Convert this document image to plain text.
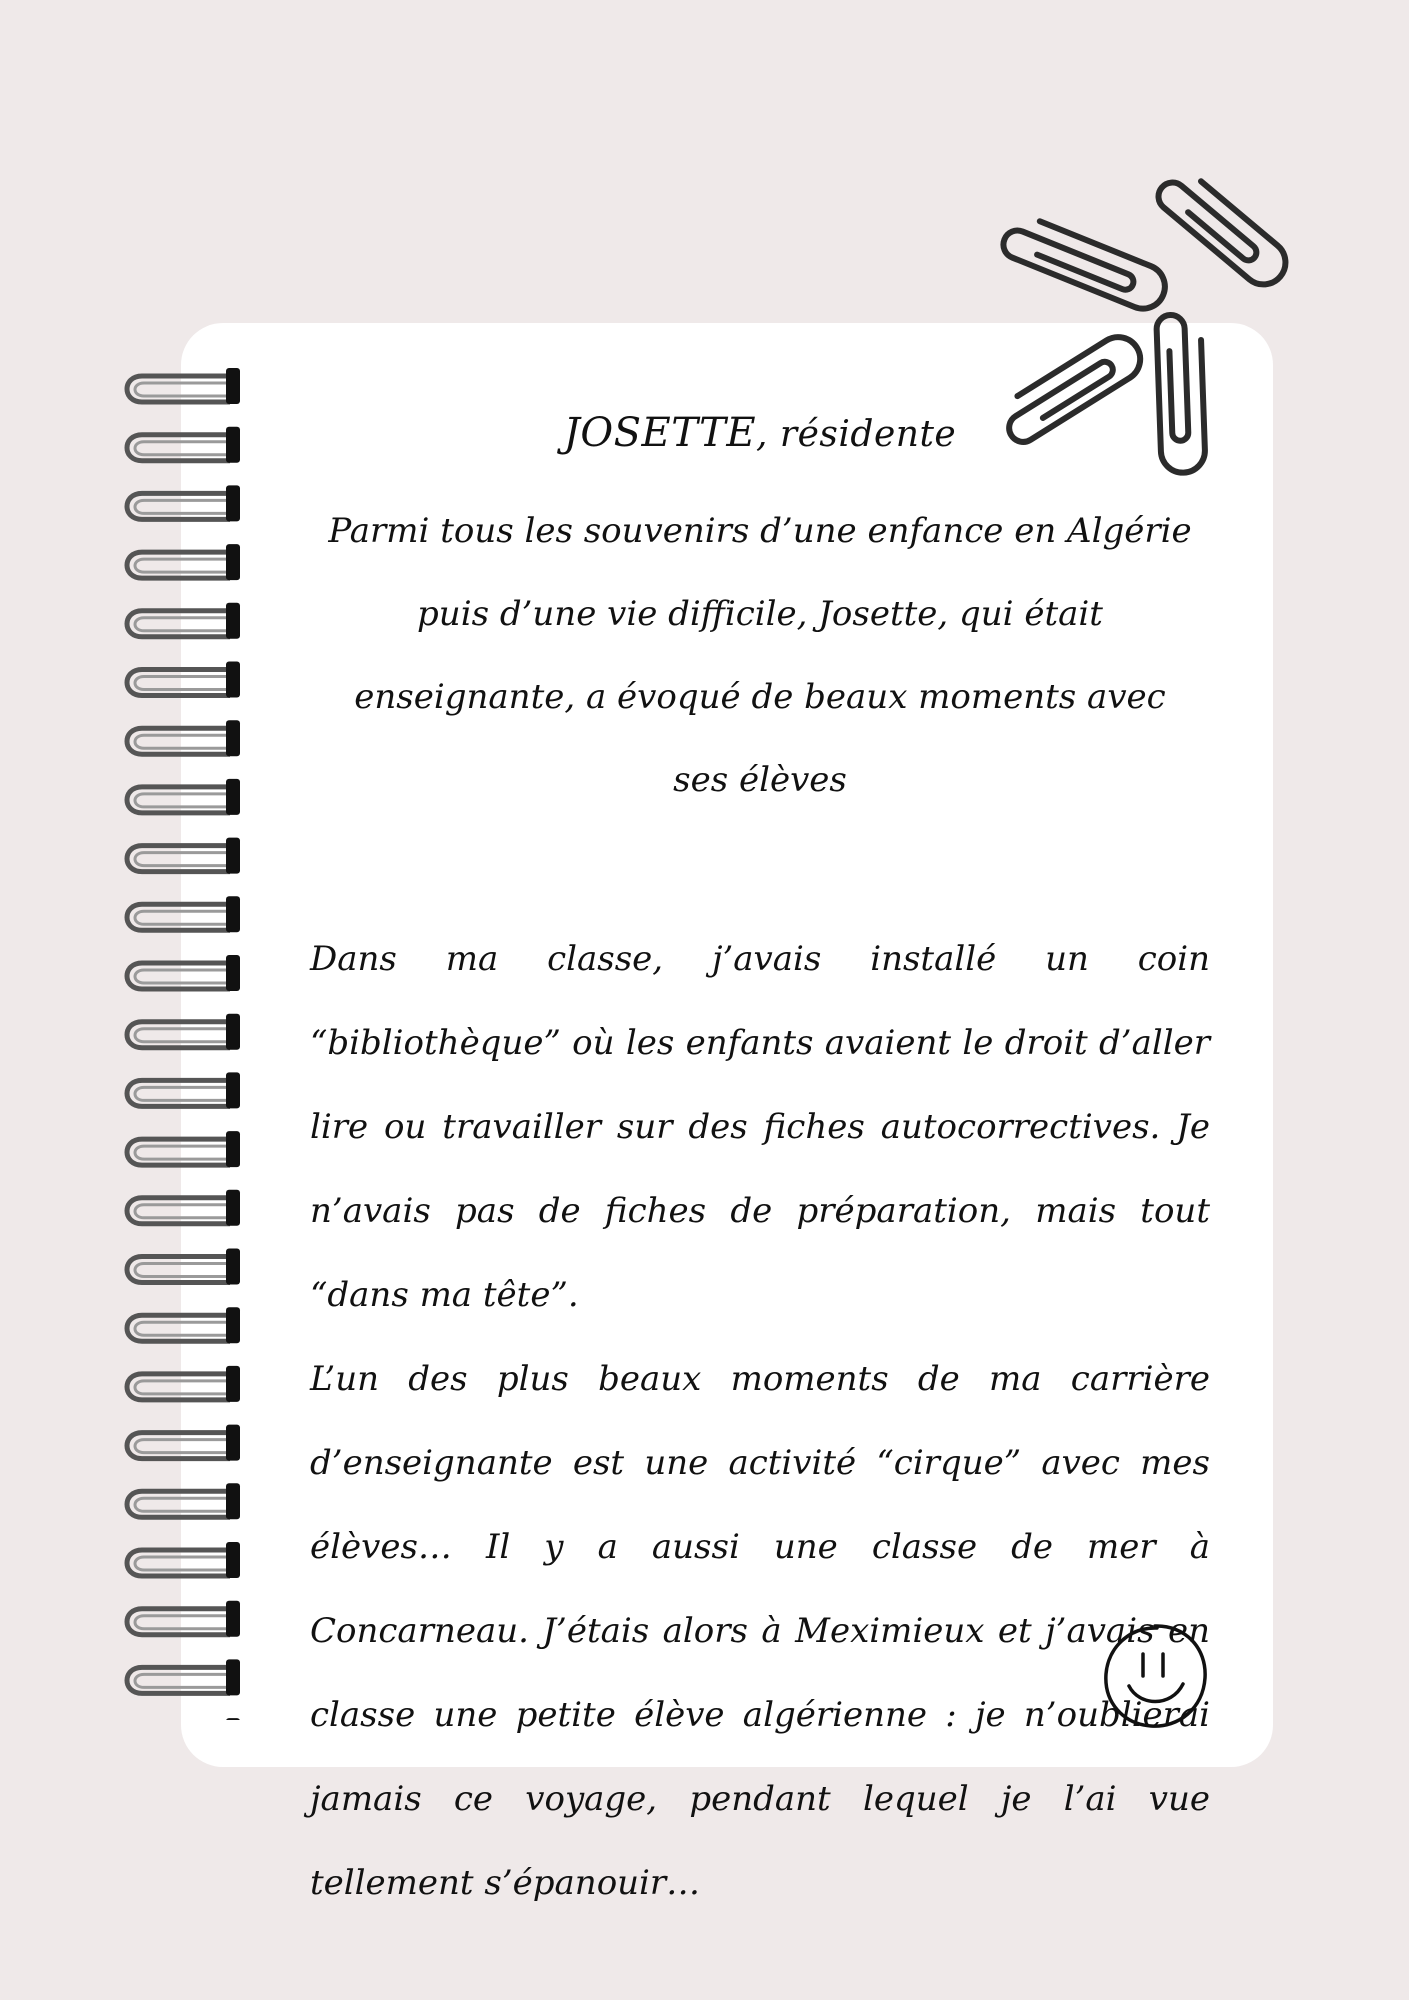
JOSETTE, résidente
Parmi tous les souvenirs d’une enfance en Algérie puis d’une vie difficile, Josette, qui était enseignante, a évoqué de beaux moments avec ses élèves

Dans ma classe, j’avais installé un coin “bibliothèque” où les enfants avaient le droit d’aller lire ou travailler sur des fiches autocorrectives. Je n’avais pas de fiches de préparation, mais tout “dans ma tête”.

L’un des plus beaux moments de ma carrière d’enseignante est une activité “cirque” avec mes élèves… Il y a aussi une classe de mer à Concarneau. J’étais alors à Meximieux et j’avais en classe une petite élève algérienne : je n’oublierai jamais ce voyage, pendant lequel je l’ai vue tellement s’épanouir…
